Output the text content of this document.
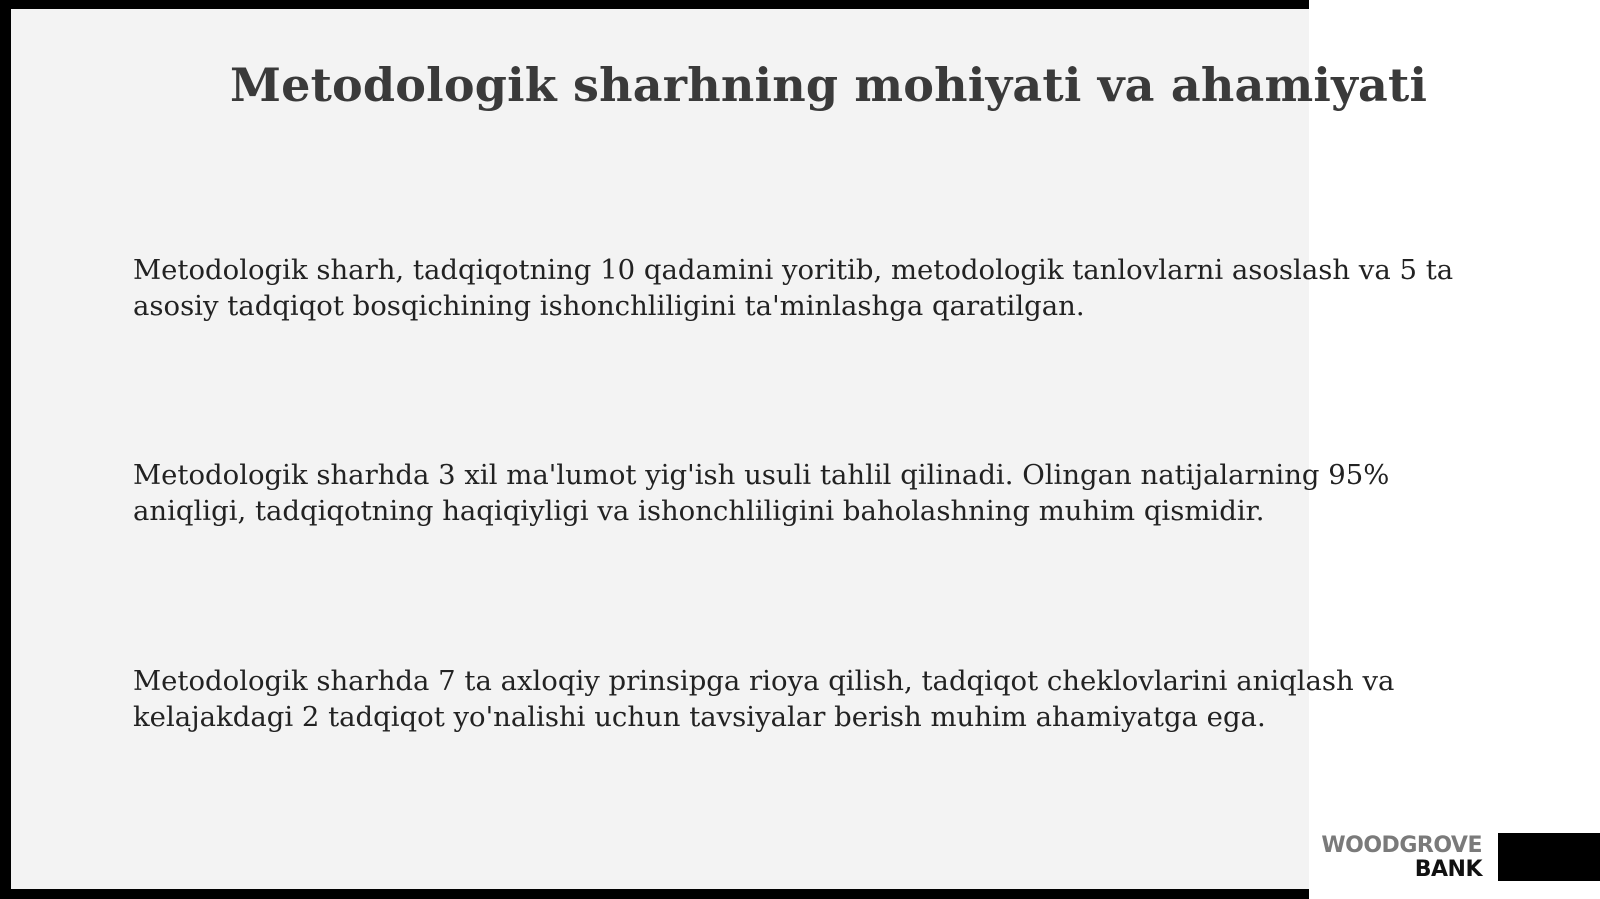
Metodologik sharhning mohiyati va ahamiyati

Metodologik sharh, tadqiqotning 10 qadamini yoritib, metodologik tanlovlarni asoslash va 5 ta asosiy tadqiqot bosqichining ishonchliligini ta'minlashga qaratilgan.

Metodologik sharhda 3 xil ma'lumot yig'ish usuli tahlil qilinadi. Olingan natijalarning 95% aniqligi, tadqiqotning haqiqiyligi va ishonchliligini baholashning muhim qismidir.

Metodologik sharhda 7 ta axloqiy prinsipga rioya qilish, tadqiqot cheklovlarini aniqlash va kelajakdagi 2 tadqiqot yo'nalishi uchun tavsiyalar berish muhim ahamiyatga ega.

WOODGROVE
BANK
